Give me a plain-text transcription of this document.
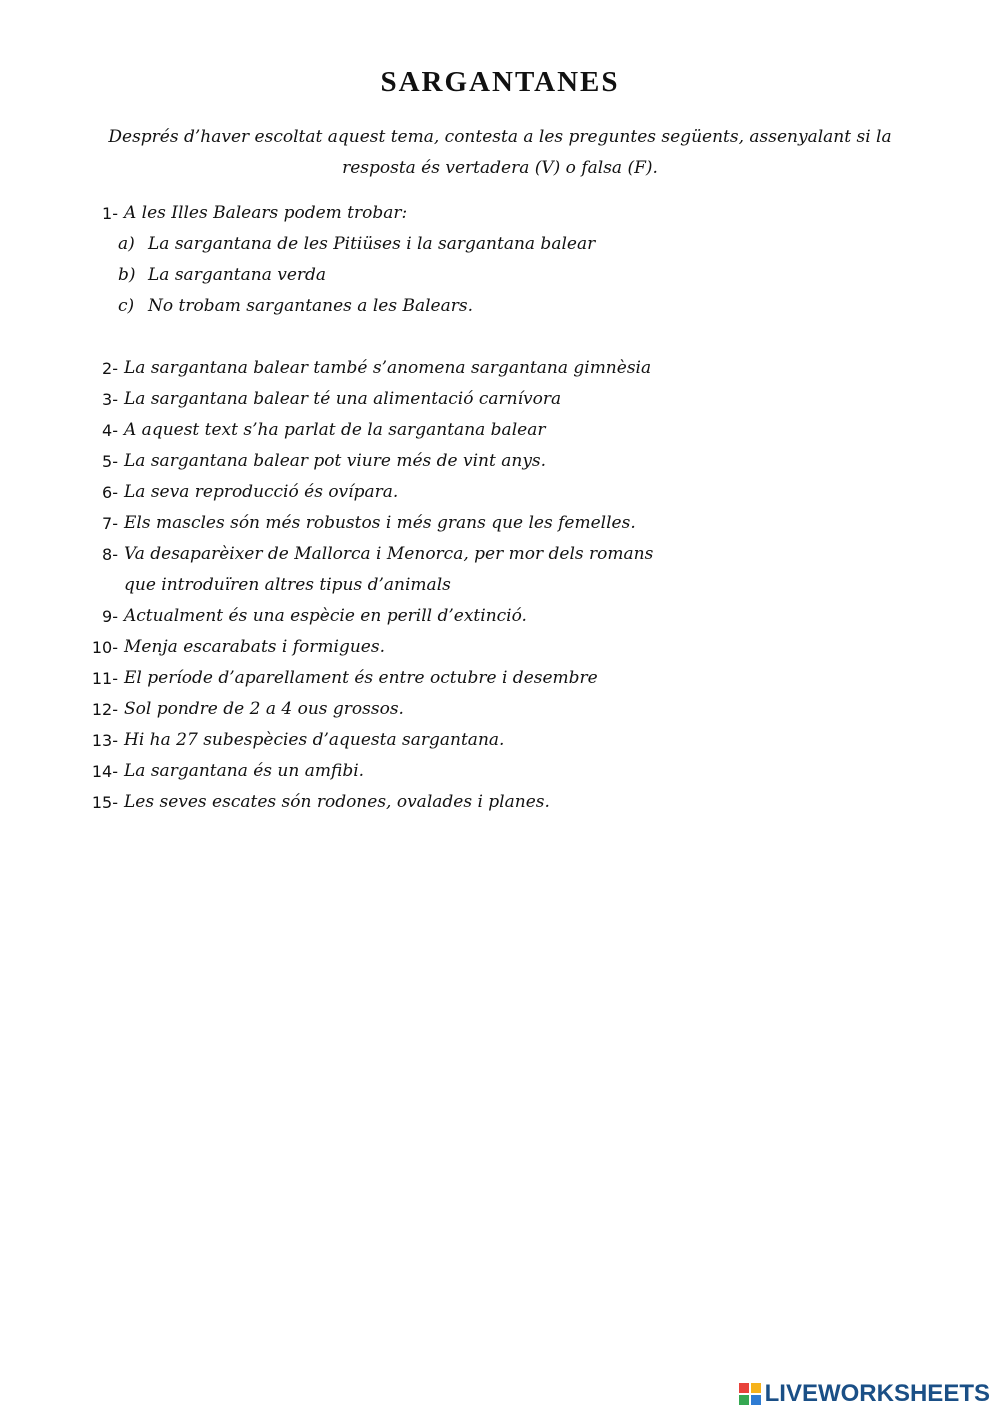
SARGANTANES
Després d’haver escoltat aquest tema, contesta a les preguntes següents, assenyalant si la resposta és vertadera (V) o falsa (F).
1- A les Illes Balears podem trobar:
a) La sargantana de les Pitiüses i la sargantana balear
b) La sargantana verda
c) No trobam sargantanes a les Balears.
2- La sargantana balear també s’anomena sargantana gimnèsia
3- La sargantana balear té una alimentació carnívora
4- A aquest text s’ha parlat de la sargantana balear
5- La sargantana balear pot viure més de vint anys.
6- La seva reproducció és ovípara.
7- Els mascles són més robustos i més grans que les femelles.
8- Va desaparèixer de Mallorca i Menorca, per mor dels romans
que introduïren altres tipus d’animals
9- Actualment és una espècie en perill d’extinció.
10- Menja escarabats i formigues.
11- El període d’aparellament és entre octubre i desembre
12- Sol pondre de 2 a 4 ous grossos.
13- Hi ha 27 subespècies d’aquesta sargantana.
14- La sargantana és un amfibi.
15- Les seves escates són rodones, ovalades i planes.
LIVEWORKSHEETS
